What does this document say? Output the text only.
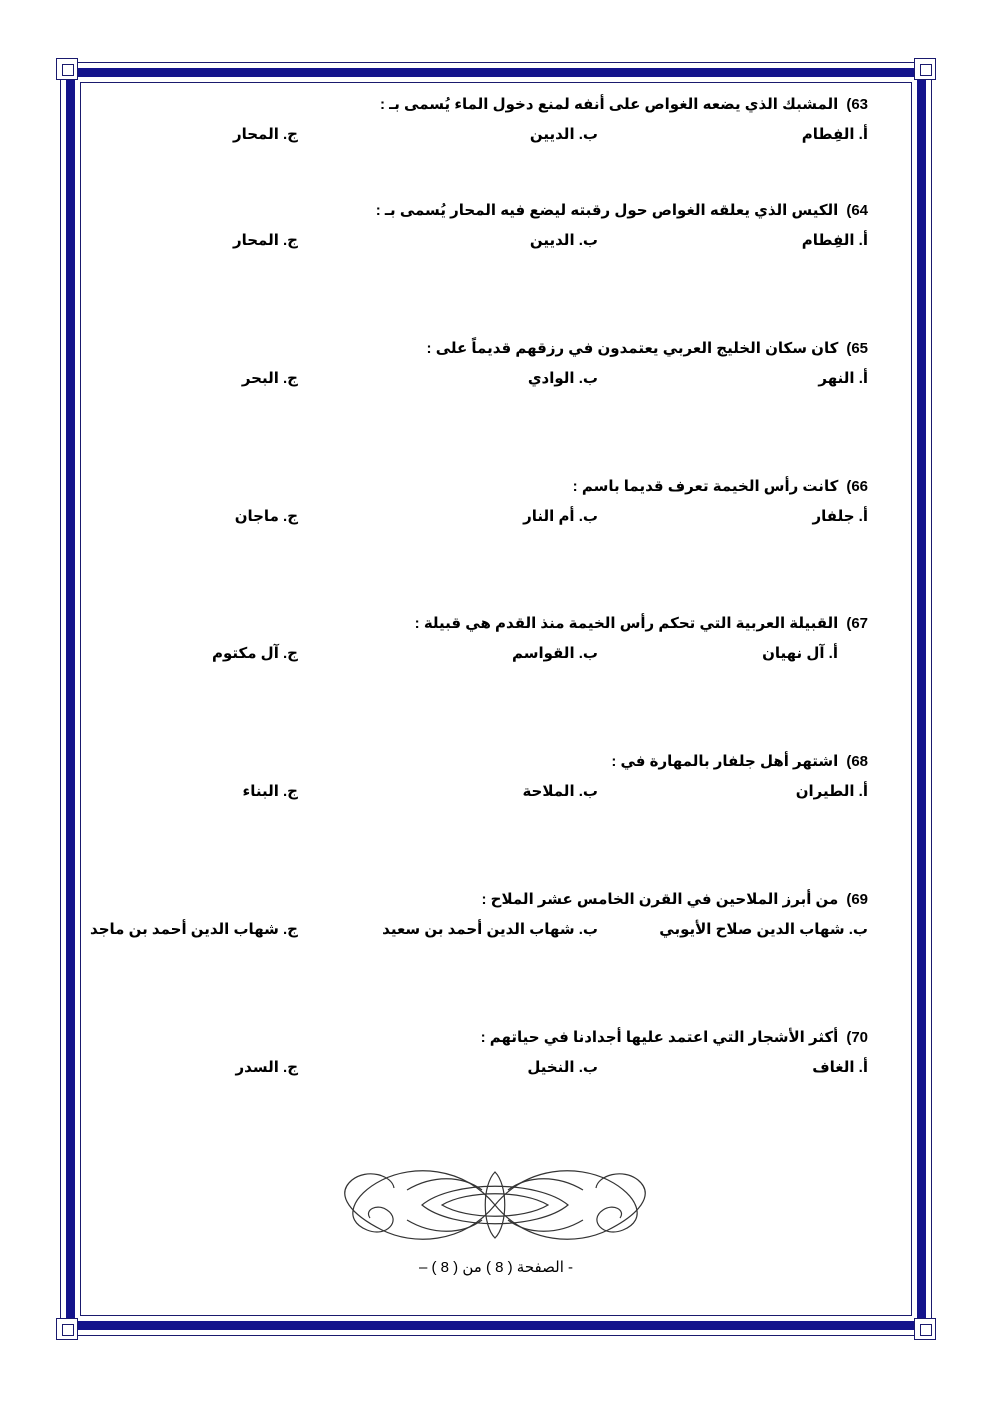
63)المشبك الذي يضعه الغواص على أنفه لمنع دخول الماء يُسمى بـ :
أ. الفِطام
ب. الديين
ج. المحار
64)الكيس الذي يعلقه الغواص حول رقبته ليضع فيه المحار يُسمى بـ :
أ. الفِطام
ب. الديين
ج. المحار
65)كان سكان الخليج العربي يعتمدون في رزقهم قديماً على :
أ. النهر
ب. الوادي
ج. البحر
66)كانت رأس الخيمة تعرف قديما باسم :
أ. جلفار
ب. أم النار
ج. ماجان
67)القبيلة العربية التي تحكم رأس الخيمة منذ القدم هي قبيلة :
أ. آل نهيان
ب. القواسم
ج. آل مكتوم
68)اشتهر أهل جلفار بالمهارة في :
أ. الطيران
ب. الملاحة
ج. البناء
69)من أبرز الملاحين في القرن الخامس عشر الملاح :
ب. شهاب الدين صلاح الأيوبي
ب. شهاب الدين أحمد بن سعيد
ج. شهاب الدين أحمد بن ماجد
70)أكثر الأشجار التي اعتمد عليها أجدادنا في حياتهم :
أ. الغاف
ب. النخيل
ج. السدر
- الصفحة ( 8 ) من ( 8 ) –
